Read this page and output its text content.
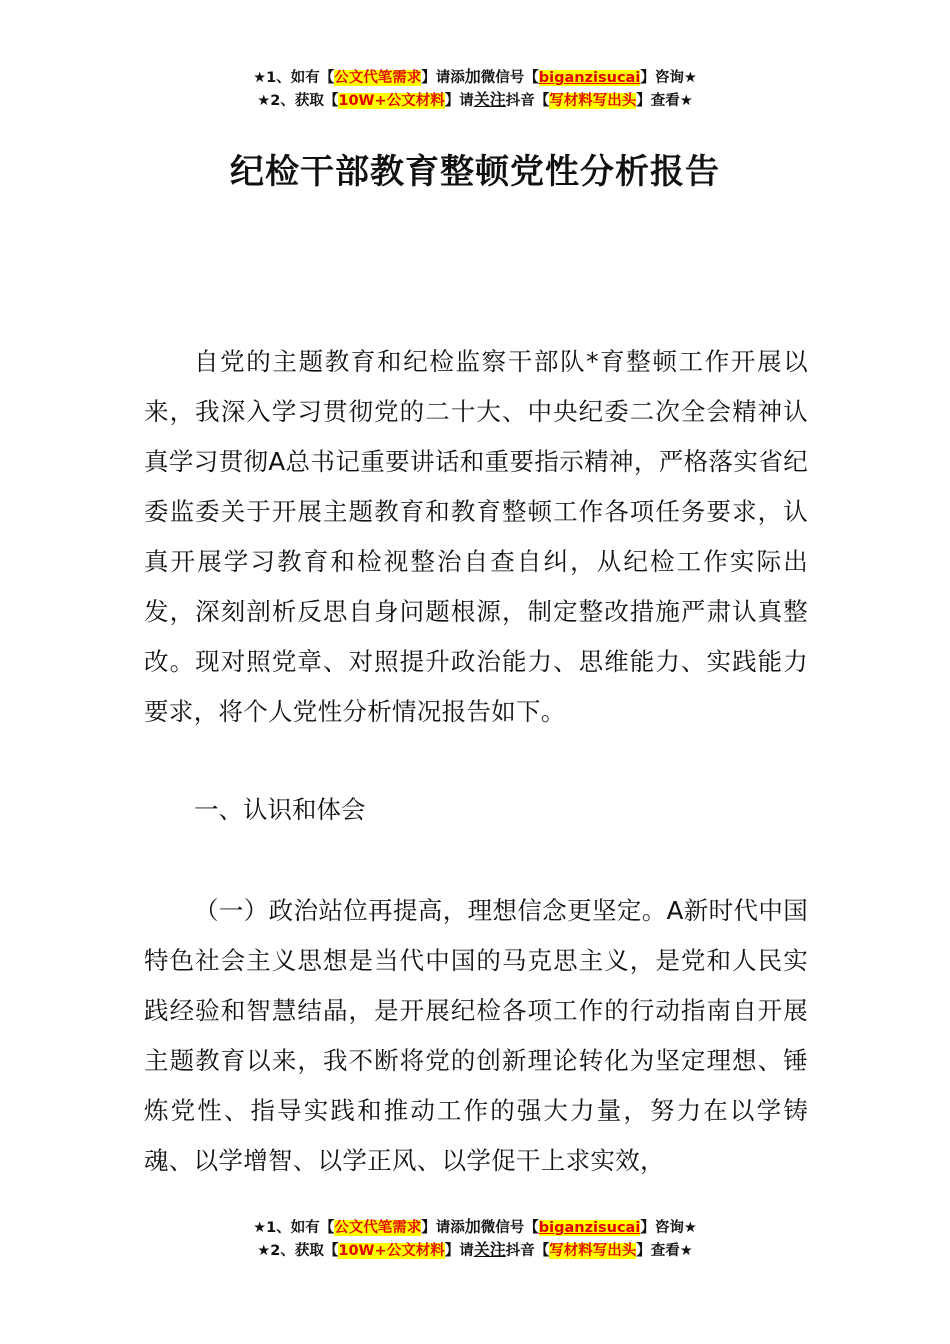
★1、如有【公文代笔需求】请添加微信号【biganzisucai】咨询★
★2、获取【10W+公文材料】请关注抖音【写材料写出头】查看★
纪检干部教育整顿党性分析报告

自党的主题教育和纪检监察干部队*育整顿工作开展以来，我深入学习贯彻党的二十大、中央纪委二次全会精神认真学习贯彻A总书记重要讲话和重要指示精神，严格落实省纪委监委关于开展主题教育和教育整顿工作各项任务要求，认真开展学习教育和检视整治自查自纠，从纪检工作实际出发，深刻剖析反思自身问题根源，制定整改措施严肃认真整改。现对照党章、对照提升政治能力、思维能力、实践能力要求，将个人党性分析情况报告如下。

一、认识和体会

（一）政治站位再提高，理想信念更坚定。A新时代中国特色社会主义思想是当代中国的马克思主义，是党和人民实践经验和智慧结晶，是开展纪检各项工作的行动指南自开展主题教育以来，我不断将党的创新理论转化为坚定理想、锤炼党性、指导实践和推动工作的强大力量，努力在以学铸魂、以学增智、以学正风、以学促干上求实效，

★1、如有【公文代笔需求】请添加微信号【biganzisucai】咨询★
★2、获取【10W+公文材料】请关注抖音【写材料写出头】查看★
